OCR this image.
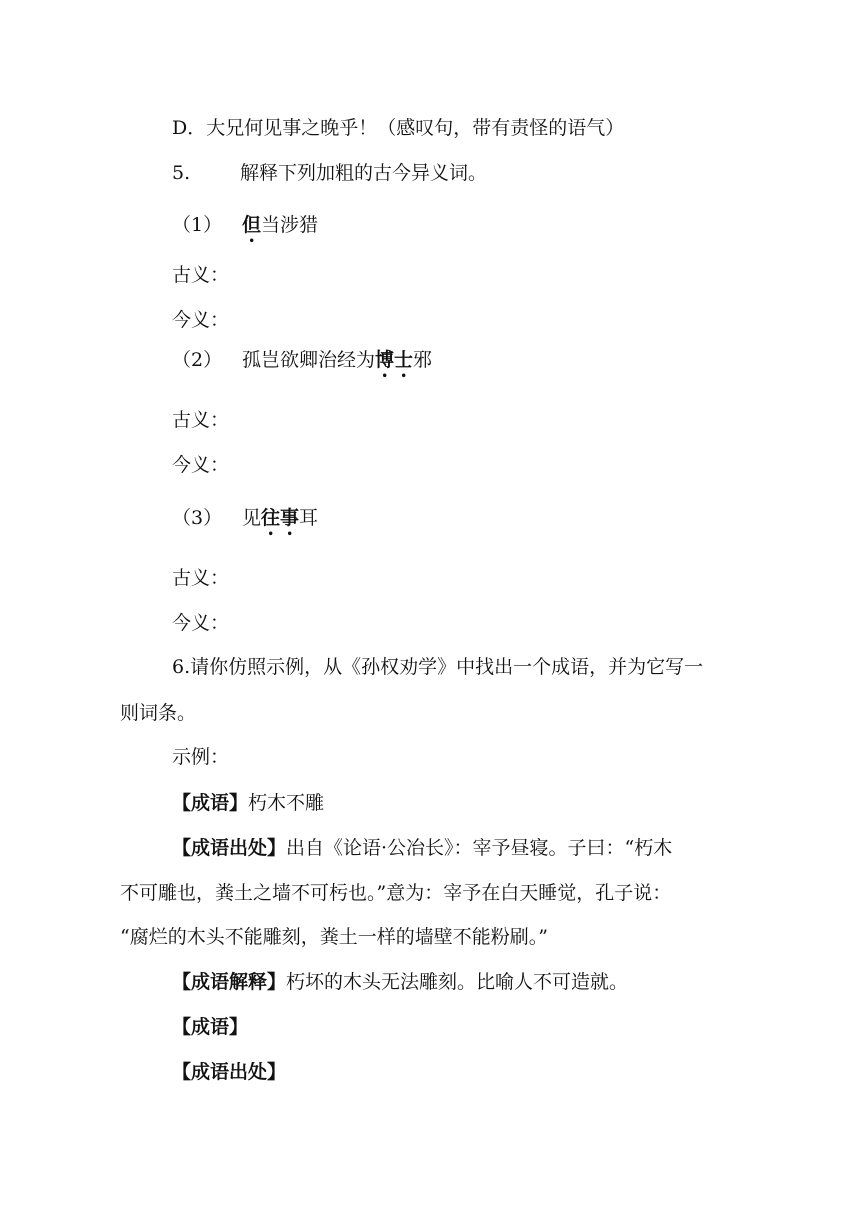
D．大兄何见事之晚乎！（感叹句，带有责怪的语气）
5.	解释下列加粗的古今异义词。
（1） 但当涉猎
古义：
今义：
（2） 孤岂欲卿治经为博士邪
古义：
今义：
（3） 见往事耳
古义：
今义：
6.请你仿照示例，从《孙权劝学》中找出一个成语，并为它写一
则词条。
示例：
【成语】朽木不雕
【成语出处】出自《论语·公冶长》：宰予昼寝。子曰：“朽木
不可雕也，粪土之墙不可杇也。”意为：宰予在白天睡觉，孔子说：
“腐烂的木头不能雕刻，粪土一样的墙壁不能粉刷。”
【成语解释】朽坏的木头无法雕刻。比喻人不可造就。
【成语】
【成语出处】
